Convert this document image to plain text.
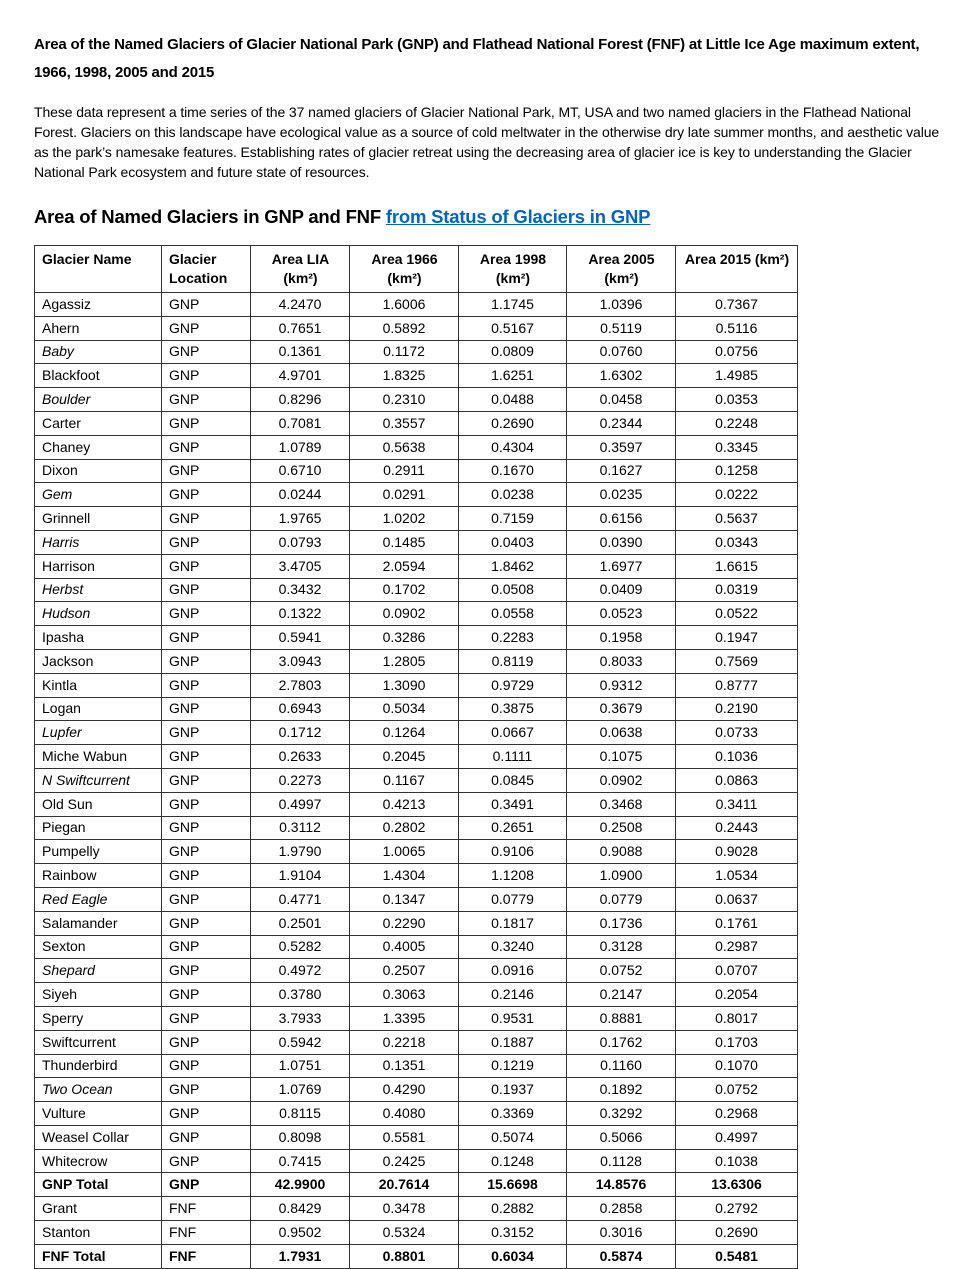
Area of the Named Glaciers of Glacier National Park (GNP) and Flathead National Forest (FNF) at Little Ice Age maximum extent, 1966, 1998, 2005 and 2015

These data represent a time series of the 37 named glaciers of Glacier National Park, MT, USA and two named glaciers in the Flathead National Forest. Glaciers on this landscape have ecological value as a source of cold meltwater in the otherwise dry late summer months, and aesthetic value as the park’s namesake features. Establishing rates of glacier retreat using the decreasing area of glacier ice is key to understanding the Glacier National Park ecosystem and future state of resources.

Area of Named Glaciers in GNP and FNF from Status of Glaciers in GNP
Glacier Name	Glacier Location	Area LIA (km²)	Area 1966 (km²)	Area 1998 (km²)	Area 2005 (km²)	Area 2015 (km²)
Agassiz	GNP	4.2470	1.6006	1.1745	1.0396	0.7367
Ahern	GNP	0.7651	0.5892	0.5167	0.5119	0.5116
Baby	GNP	0.1361	0.1172	0.0809	0.0760	0.0756
Blackfoot	GNP	4.9701	1.8325	1.6251	1.6302	1.4985
Boulder	GNP	0.8296	0.2310	0.0488	0.0458	0.0353
Carter	GNP	0.7081	0.3557	0.2690	0.2344	0.2248
Chaney	GNP	1.0789	0.5638	0.4304	0.3597	0.3345
Dixon	GNP	0.6710	0.2911	0.1670	0.1627	0.1258
Gem	GNP	0.0244	0.0291	0.0238	0.0235	0.0222
Grinnell	GNP	1.9765	1.0202	0.7159	0.6156	0.5637
Harris	GNP	0.0793	0.1485	0.0403	0.0390	0.0343
Harrison	GNP	3.4705	2.0594	1.8462	1.6977	1.6615
Herbst	GNP	0.3432	0.1702	0.0508	0.0409	0.0319
Hudson	GNP	0.1322	0.0902	0.0558	0.0523	0.0522
Ipasha	GNP	0.5941	0.3286	0.2283	0.1958	0.1947
Jackson	GNP	3.0943	1.2805	0.8119	0.8033	0.7569
Kintla	GNP	2.7803	1.3090	0.9729	0.9312	0.8777
Logan	GNP	0.6943	0.5034	0.3875	0.3679	0.2190
Lupfer	GNP	0.1712	0.1264	0.0667	0.0638	0.0733
Miche Wabun	GNP	0.2633	0.2045	0.1111	0.1075	0.1036
N Swiftcurrent	GNP	0.2273	0.1167	0.0845	0.0902	0.0863
Old Sun	GNP	0.4997	0.4213	0.3491	0.3468	0.3411
Piegan	GNP	0.3112	0.2802	0.2651	0.2508	0.2443
Pumpelly	GNP	1.9790	1.0065	0.9106	0.9088	0.9028
Rainbow	GNP	1.9104	1.4304	1.1208	1.0900	1.0534
Red Eagle	GNP	0.4771	0.1347	0.0779	0.0779	0.0637
Salamander	GNP	0.2501	0.2290	0.1817	0.1736	0.1761
Sexton	GNP	0.5282	0.4005	0.3240	0.3128	0.2987
Shepard	GNP	0.4972	0.2507	0.0916	0.0752	0.0707
Siyeh	GNP	0.3780	0.3063	0.2146	0.2147	0.2054
Sperry	GNP	3.7933	1.3395	0.9531	0.8881	0.8017
Swiftcurrent	GNP	0.5942	0.2218	0.1887	0.1762	0.1703
Thunderbird	GNP	1.0751	0.1351	0.1219	0.1160	0.1070
Two Ocean	GNP	1.0769	0.4290	0.1937	0.1892	0.0752
Vulture	GNP	0.8115	0.4080	0.3369	0.3292	0.2968
Weasel Collar	GNP	0.8098	0.5581	0.5074	0.5066	0.4997
Whitecrow	GNP	0.7415	0.2425	0.1248	0.1128	0.1038
GNP Total	GNP	42.9900	20.7614	15.6698	14.8576	13.6306
Grant	FNF	0.8429	0.3478	0.2882	0.2858	0.2792
Stanton	FNF	0.9502	0.5324	0.3152	0.3016	0.2690
FNF Total	FNF	1.7931	0.8801	0.6034	0.5874	0.5481
